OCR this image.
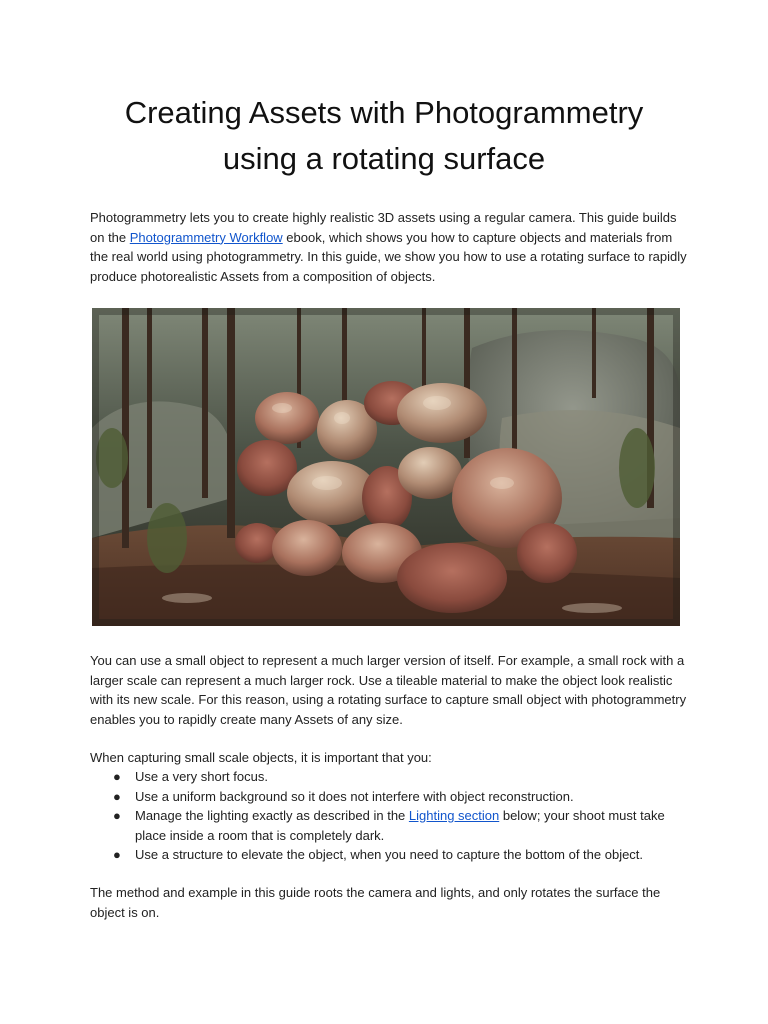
Creating Assets with Photogrammetry
using a rotating surface

Photogrammetry lets you to create highly realistic 3D assets using a regular camera. This guide builds on the Photogrammetry Workflow ebook, which shows you how to capture objects and materials from the real world using photogrammetry. In this guide, we show you how to use a rotating surface to rapidly produce photorealistic Assets from a composition of objects.

You can use a small object to represent a much larger version of itself. For example, a small rock with a larger scale can represent a much larger rock. Use a tileable material to make the object look realistic with its new scale. For this reason, using a rotating surface to capture small object with photogrammetry enables you to rapidly create many Assets of any size.

When capturing small scale objects, it is important that you:

● Use a very short focus.
● Use a uniform background so it does not interfere with object reconstruction.
● Manage the lighting exactly as described in the Lighting section below; your shoot must take place inside a room that is completely dark.
● Use a structure to elevate the object, when you need to capture the bottom of the object.

The method and example in this guide roots the camera and lights, and only rotates the surface the object is on.
